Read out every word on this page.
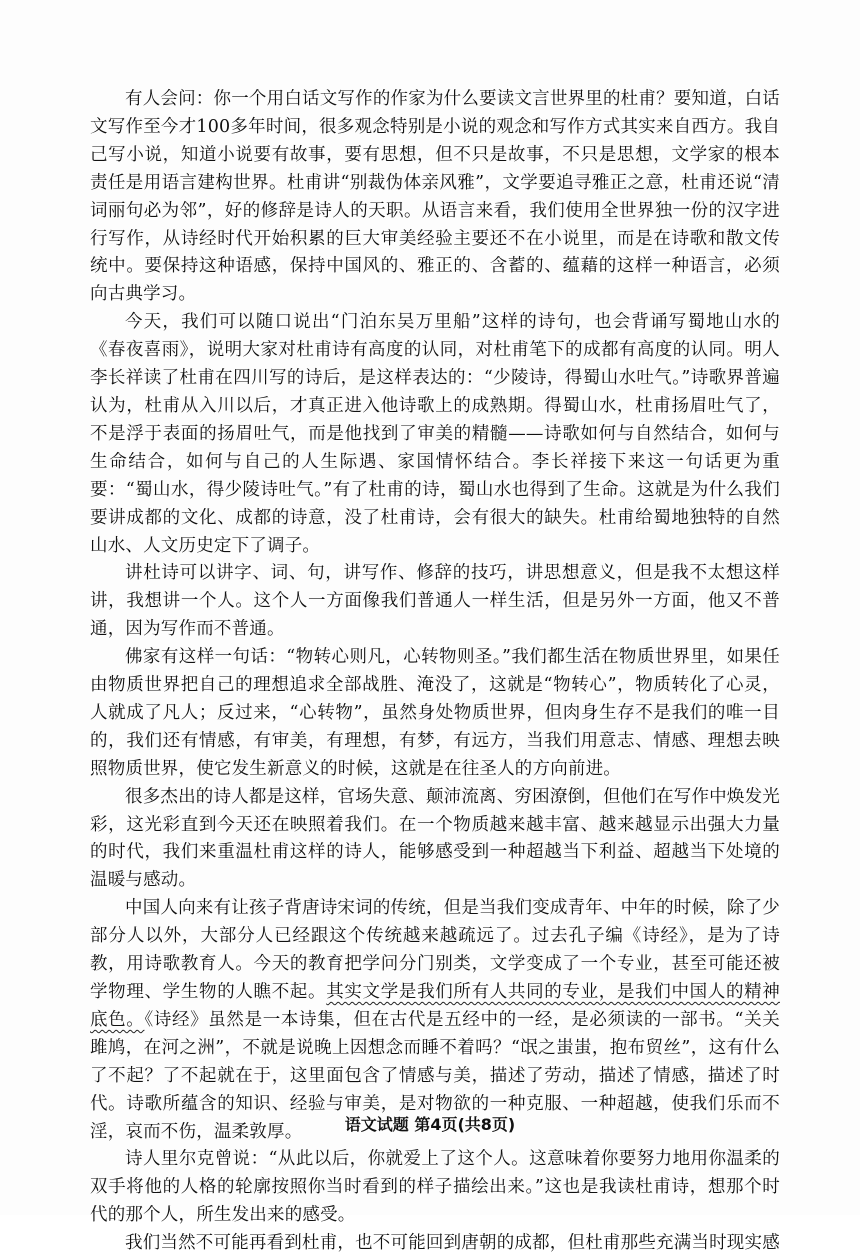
有人会问：你一个用白话文写作的作家为什么要读文言世界里的杜甫？要知道，白话文写作至今才100多年时间，很多观念特别是小说的观念和写作方式其实来自西方。我自己写小说，知道小说要有故事，要有思想，但不只是故事，不只是思想，文学家的根本责任是用语言建构世界。杜甫讲“别裁伪体亲风雅”，文学要追寻雅正之意，杜甫还说“清词丽句必为邻”，好的修辞是诗人的天职。从语言来看，我们使用全世界独一份的汉字进行写作，从诗经时代开始积累的巨大审美经验主要还不在小说里，而是在诗歌和散文传统中。要保持这种语感，保持中国风的、雅正的、含蓄的、蕴藉的这样一种语言，必须向古典学习。

今天，我们可以随口说出“门泊东吴万里船”这样的诗句，也会背诵写蜀地山水的《春夜喜雨》，说明大家对杜甫诗有高度的认同，对杜甫笔下的成都有高度的认同。明人李长祥读了杜甫在四川写的诗后，是这样表达的：“少陵诗，得蜀山水吐气。”诗歌界普遍认为，杜甫从入川以后，才真正进入他诗歌上的成熟期。得蜀山水，杜甫扬眉吐气了，不是浮于表面的扬眉吐气，而是他找到了审美的精髓——诗歌如何与自然结合，如何与生命结合，如何与自己的人生际遇、家国情怀结合。李长祥接下来这一句话更为重要：“蜀山水，得少陵诗吐气。”有了杜甫的诗，蜀山水也得到了生命。这就是为什么我们要讲成都的文化、成都的诗意，没了杜甫诗，会有很大的缺失。杜甫给蜀地独特的自然山水、人文历史定下了调子。

讲杜诗可以讲字、词、句，讲写作、修辞的技巧，讲思想意义，但是我不太想这样讲，我想讲一个人。这个人一方面像我们普通人一样生活，但是另外一方面，他又不普通，因为写作而不普通。

佛家有这样一句话：“物转心则凡，心转物则圣。”我们都生活在物质世界里，如果任由物质世界把自己的理想追求全部战胜、淹没了，这就是“物转心”，物质转化了心灵，人就成了凡人；反过来，“心转物”，虽然身处物质世界，但肉身生存不是我们的唯一目的，我们还有情感，有审美，有理想，有梦，有远方，当我们用意志、情感、理想去映照物质世界，使它发生新意义的时候，这就是在往圣人的方向前进。

很多杰出的诗人都是这样，官场失意、颠沛流离、穷困潦倒，但他们在写作中焕发光彩，这光彩直到今天还在映照着我们。在一个物质越来越丰富、越来越显示出强大力量的时代，我们来重温杜甫这样的诗人，能够感受到一种超越当下利益、超越当下处境的温暖与感动。

中国人向来有让孩子背唐诗宋词的传统，但是当我们变成青年、中年的时候，除了少部分人以外，大部分人已经跟这个传统越来越疏远了。过去孔子编《诗经》，是为了诗教，用诗歌教育人。今天的教育把学问分门别类，文学变成了一个专业，甚至可能还被学物理、学生物的人瞧不起。其实文学是我们所有人共同的专业，是我们中国人的精神底色。《诗经》虽然是一本诗集，但在古代是五经中的一经，是必须读的一部书。“关关雎鸠，在河之洲”，不就是说晚上因想念而睡不着吗？“氓之蚩蚩，抱布贸丝”，这有什么了不起？了不起就在于，这里面包含了情感与美，描述了劳动，描述了情感，描述了时代。诗歌所蕴含的知识、经验与审美，是对物欲的一种克服、一种超越，使我们乐而不淫，哀而不伤，温柔敦厚。

诗人里尔克曾说：“从此以后，你就爱上了这个人。这意味着你要努力地用你温柔的双手将他的人格的轮廓按照你当时看到的样子描绘出来。”这也是我读杜甫诗，想那个时代的那个人，所生发出来的感受。

我们当然不可能再看到杜甫，也不可能回到唐朝的成都，但杜甫那些充满当时现实感

语文试题 第4页(共8页)
